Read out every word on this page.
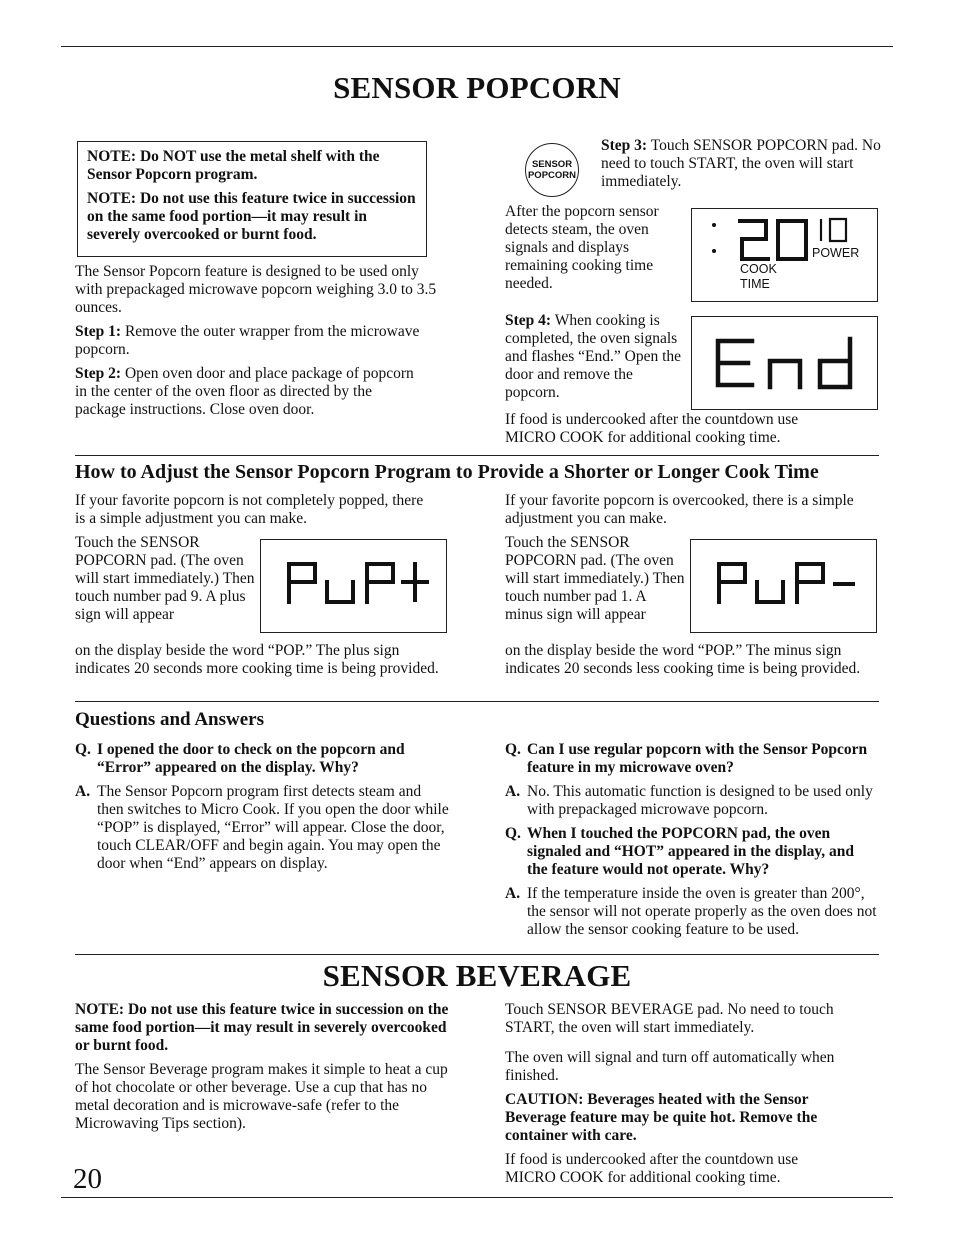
SENSOR POPCORN
NOTE: Do NOT use the metal shelf with the Sensor Popcorn program.
NOTE: Do not use this feature twice in succession on the same food portion—it may result in severely overcooked or burnt food.
The Sensor Popcorn feature is designed to be used only with prepackaged microwave popcorn weighing 3.0 to 3.5 ounces.
Step 1: Remove the outer wrapper from the microwave popcorn.
Step 2: Open oven door and place package of popcorn in the center of the oven floor as directed by the package instructions. Close oven door.
SENSOR
POPCORN
Step 3: Touch SENSOR POPCORN pad. No need to touch START, the oven will start immediately.
After the popcorn sensor detects steam, the oven signals and displays remaining cooking time needed.
POWER
COOK
TIME
Step 4: When cooking is completed, the oven signals and flashes “End.” Open the door and remove the popcorn.
If food is undercooked after the countdown use MICRO COOK for additional cooking time.
How to Adjust the Sensor Popcorn Program to Provide a Shorter or Longer Cook Time
If your favorite popcorn is not completely popped, there is a simple adjustment you can make.
Touch the SENSOR POPCORN pad. (The oven will start immediately.) Then touch number pad 9. A plus sign will appear
on the display beside the word “POP.” The plus sign indicates 20 seconds more cooking time is being provided.
If your favorite popcorn is overcooked, there is a simple adjustment you can make.
Touch the SENSOR POPCORN pad. (The oven will start immediately.) Then touch number pad 1. A minus sign will appear
on the display beside the word “POP.” The minus sign indicates 20 seconds less cooking time is being provided.
Questions and Answers
Q. I opened the door to check on the popcorn and “Error” appeared on the display. Why?
A. The Sensor Popcorn program first detects steam and then switches to Micro Cook. If you open the door while “POP” is displayed, “Error” will appear. Close the door, touch CLEAR/OFF and begin again. You may open the door when “End” appears on display.
Q. Can I use regular popcorn with the Sensor Popcorn feature in my microwave oven?
A. No. This automatic function is designed to be used only with prepackaged microwave popcorn.
Q. When I touched the POPCORN pad, the oven signaled and “HOT” appeared in the display, and the feature would not operate. Why?
A. If the temperature inside the oven is greater than 200°, the sensor will not operate properly as the oven does not allow the sensor cooking feature to be used.
SENSOR BEVERAGE
NOTE: Do not use this feature twice in succession on the same food portion—it may result in severely overcooked or burnt food.
The Sensor Beverage program makes it simple to heat a cup of hot chocolate or other beverage. Use a cup that has no metal decoration and is microwave-safe (refer to the Microwaving Tips section).
Touch SENSOR BEVERAGE pad. No need to touch START, the oven will start immediately.
The oven will signal and turn off automatically when finished.
CAUTION: Beverages heated with the Sensor Beverage feature may be quite hot. Remove the container with care.
If food is undercooked after the countdown use MICRO COOK for additional cooking time.
20
